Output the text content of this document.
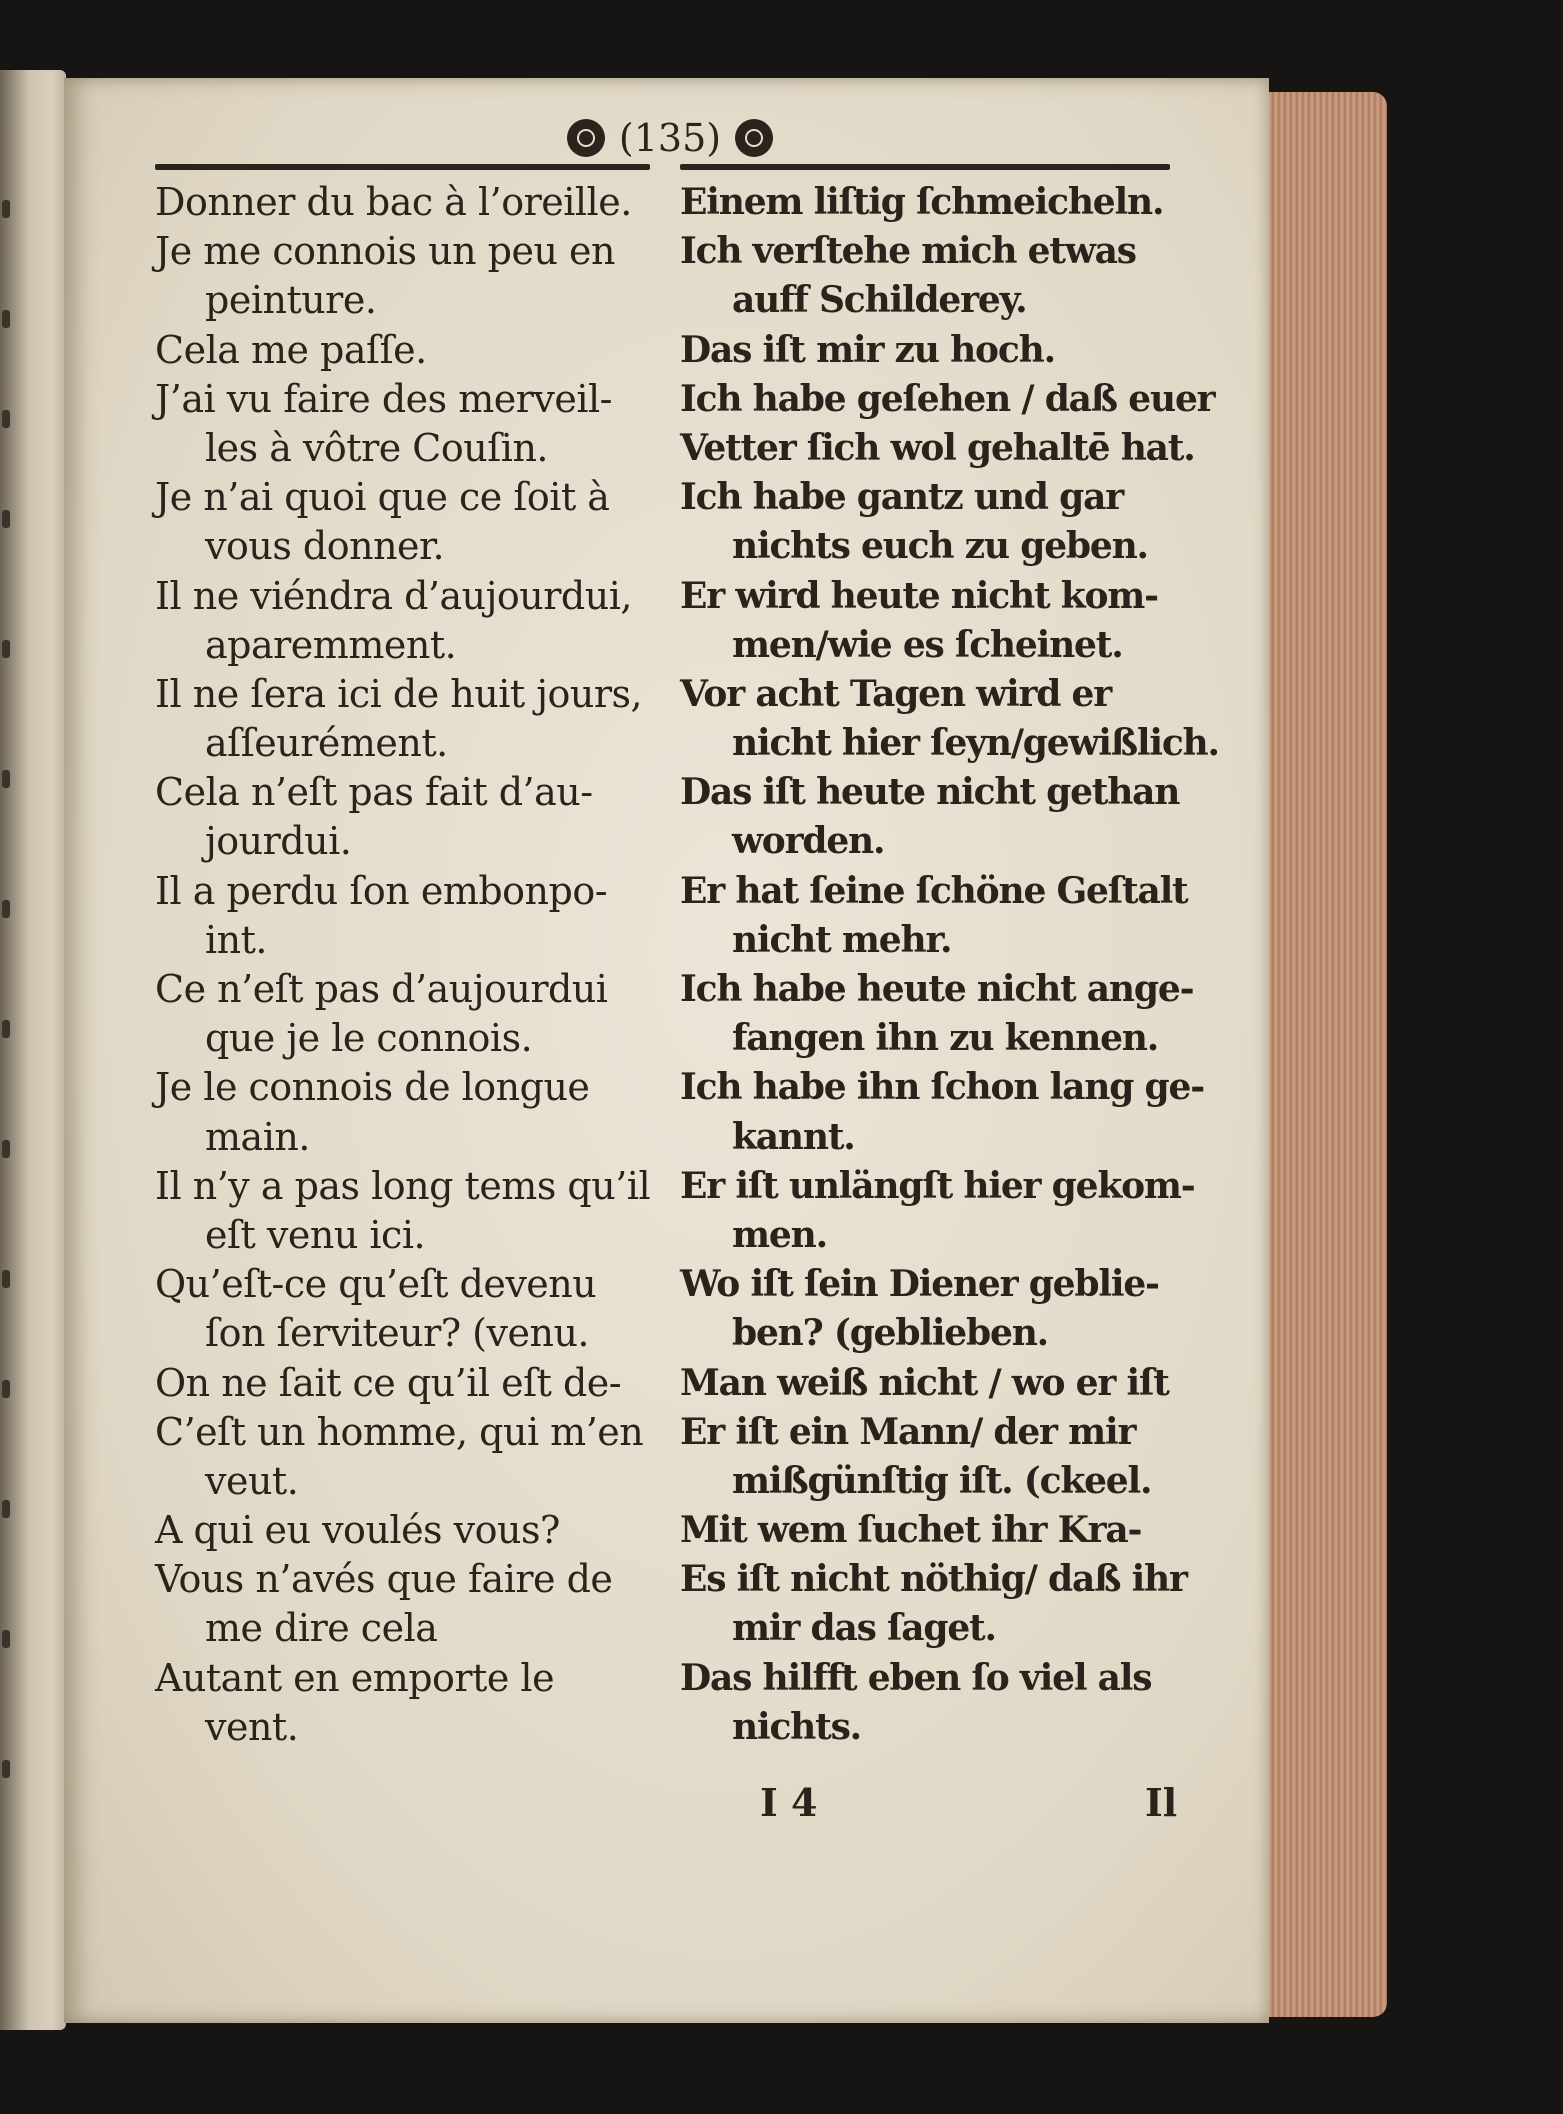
(135)
Donner du bac à l’oreille.
Je me connois un peu en
peinture.
Cela me paſſe.
J’ai vu faire des merveil-
les à vôtre Couſin.
Je n’ai quoi que ce ſoit à
vous donner.
Il ne viéndra d’aujourdui,
aparemment.
Il ne ſera ici de huit jours,
aſſeurément.
Cela n’eſt pas fait d’au-
jourdui.
Il a perdu ſon embonpo-
int.
Ce n’eſt pas d’aujourdui
que je le connois.
Je le connois de longue
main.
Il n’y a pas long tems qu’il
eſt venu ici.
Qu’eſt-ce qu’eſt devenu
ſon ſerviteur? (venu.
On ne ſait ce qu’il eſt de-
C’eſt un homme, qui m’en
veut.
A qui eu voulés vous?
Vous n’avés que faire de
me dire cela
Autant en emporte le
vent.
Einem liſtig ſchmeicheln.
Ich verſtehe mich etwas
auff Schilderey.
Das iſt mir zu hoch.
Ich habe geſehen / daß euer
Vetter ſich wol gehaltē hat.
Ich habe gantz und gar
nichts euch zu geben.
Er wird heute nicht kom-
men/wie es ſcheinet.
Vor acht Tagen wird er
nicht hier ſeyn/gewißlich.
Das iſt heute nicht gethan
worden.
Er hat ſeine ſchöne Geſtalt
nicht mehr.
Ich habe heute nicht ange-
fangen ihn zu kennen.
Ich habe ihn ſchon lang ge-
kannt.
Er iſt unlängſt hier gekom-
men.
Wo iſt ſein Diener geblie-
ben? (geblieben.
Man weiß nicht / wo er iſt
Er iſt ein Mann/ der mir
mißgünſtig iſt. (ckeel.
Mit wem ſuchet ihr Kra-
Es iſt nicht nöthig/ daß ihr
mir das ſaget.
Das hilfft eben ſo viel als
nichts.
I 4	Il
